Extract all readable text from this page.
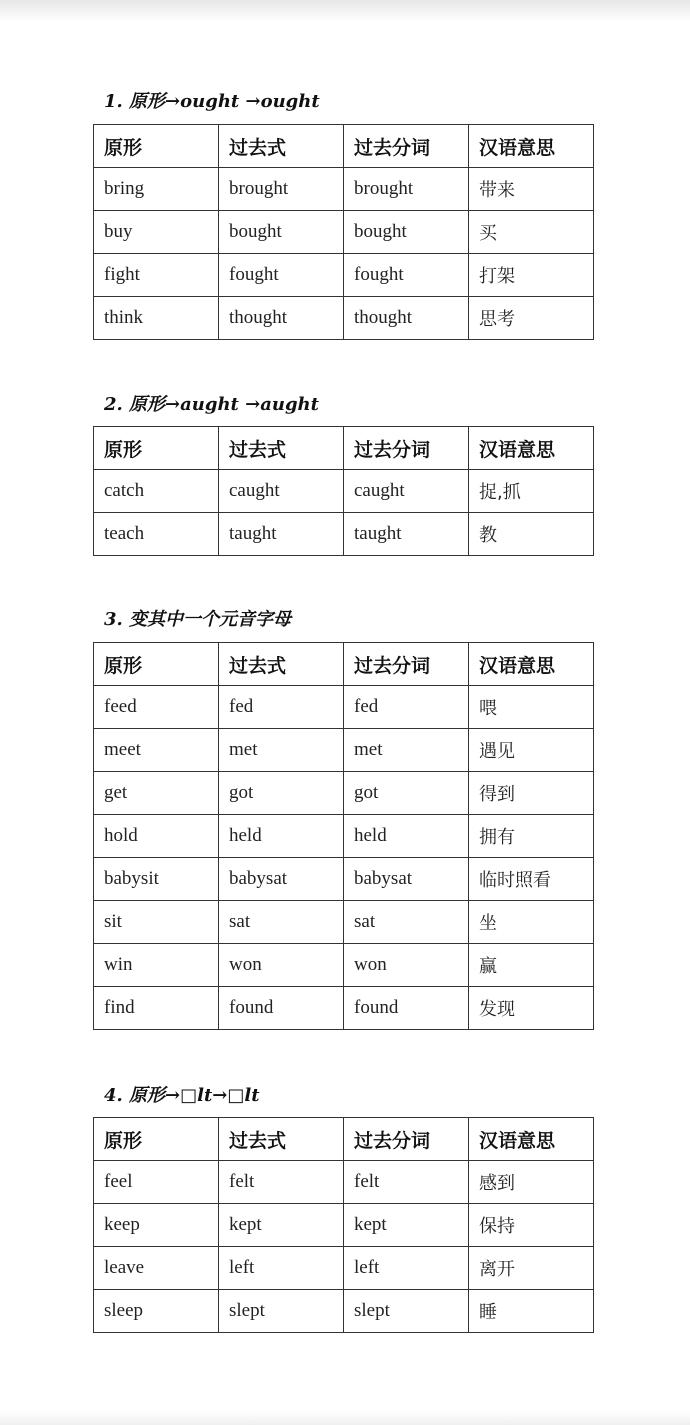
1. 原形→ought →ought
原形	过去式	过去分词	汉语意思
bring	brought	brought	带来
buy	bought	bought	买
fight	fought	fought	打架
think	thought	thought	思考
2. 原形→aught →aught
原形	过去式	过去分词	汉语意思
catch	caught	caught	捉,抓
teach	taught	taught	教
3. 变其中一个元音字母
原形	过去式	过去分词	汉语意思
feed	fed	fed	喂
meet	met	met	遇见
get	got	got	得到
hold	held	held	拥有
babysit	babysat	babysat	临时照看
sit	sat	sat	坐
win	won	won	赢
find	found	found	发现
4. 原形→□lt→□lt
原形	过去式	过去分词	汉语意思
feel	felt	felt	感到
keep	kept	kept	保持
leave	left	left	离开
sleep	slept	slept	睡
